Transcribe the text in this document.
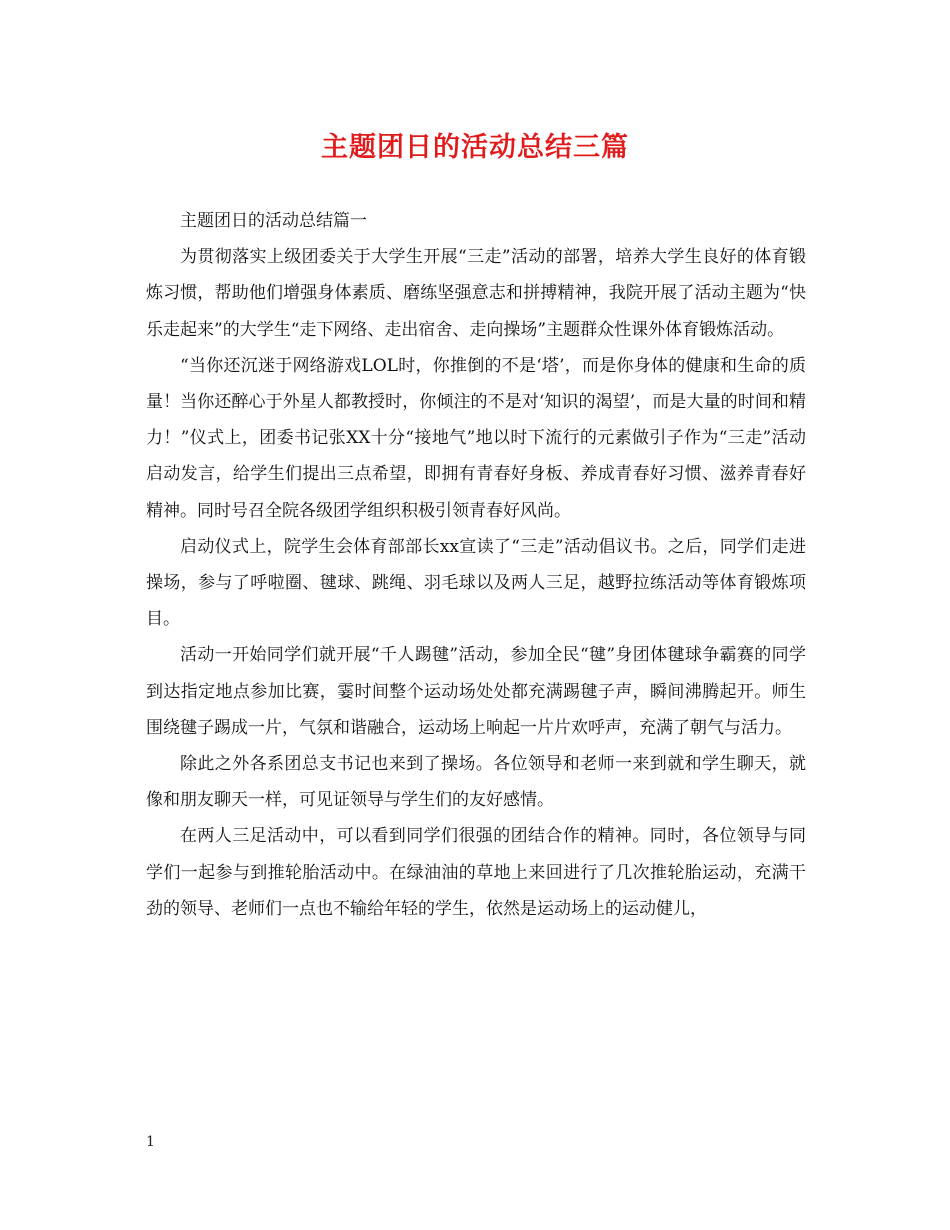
主题团日的活动总结三篇

主题团日的活动总结篇一

为贯彻落实上级团委关于大学生开展“三走”活动的部署，培养大学生良好的体育锻炼习惯，帮助他们增强身体素质、磨练坚强意志和拼搏精神，我院开展了活动主题为“快乐走起来”的大学生“走下网络、走出宿舍、走向操场”主题群众性课外体育锻炼活动。

“当你还沉迷于网络游戏LOL时，你推倒的不是‘塔’，而是你身体的健康和生命的质量！当你还醉心于外星人都教授时，你倾注的不是对‘知识的渴望’，而是大量的时间和精力！”仪式上，团委书记张XX十分“接地气”地以时下流行的元素做引子作为“三走”活动启动发言，给学生们提出三点希望，即拥有青春好身板、养成青春好习惯、滋养青春好精神。同时号召全院各级团学组织积极引领青春好风尚。

启动仪式上，院学生会体育部部长xx宣读了“三走”活动倡议书。之后，同学们走进操场，参与了呼啦圈、毽球、跳绳、羽毛球以及两人三足，越野拉练活动等体育锻炼项目。

活动一开始同学们就开展“千人踢毽”活动，参加全民“毽”身团体毽球争霸赛的同学到达指定地点参加比赛，霎时间整个运动场处处都充满踢毽子声，瞬间沸腾起开。师生围绕毽子踢成一片，气氛和谐融合，运动场上响起一片片欢呼声，充满了朝气与活力。

除此之外各系团总支书记也来到了操场。各位领导和老师一来到就和学生聊天，就像和朋友聊天一样，可见证领导与学生们的友好感情。

在两人三足活动中，可以看到同学们很强的团结合作的精神。同时，各位领导与同学们一起参与到推轮胎活动中。在绿油油的草地上来回进行了几次推轮胎运动，充满干劲的领导、老师们一点也不输给年轻的学生，依然是运动场上的运动健儿，

1
